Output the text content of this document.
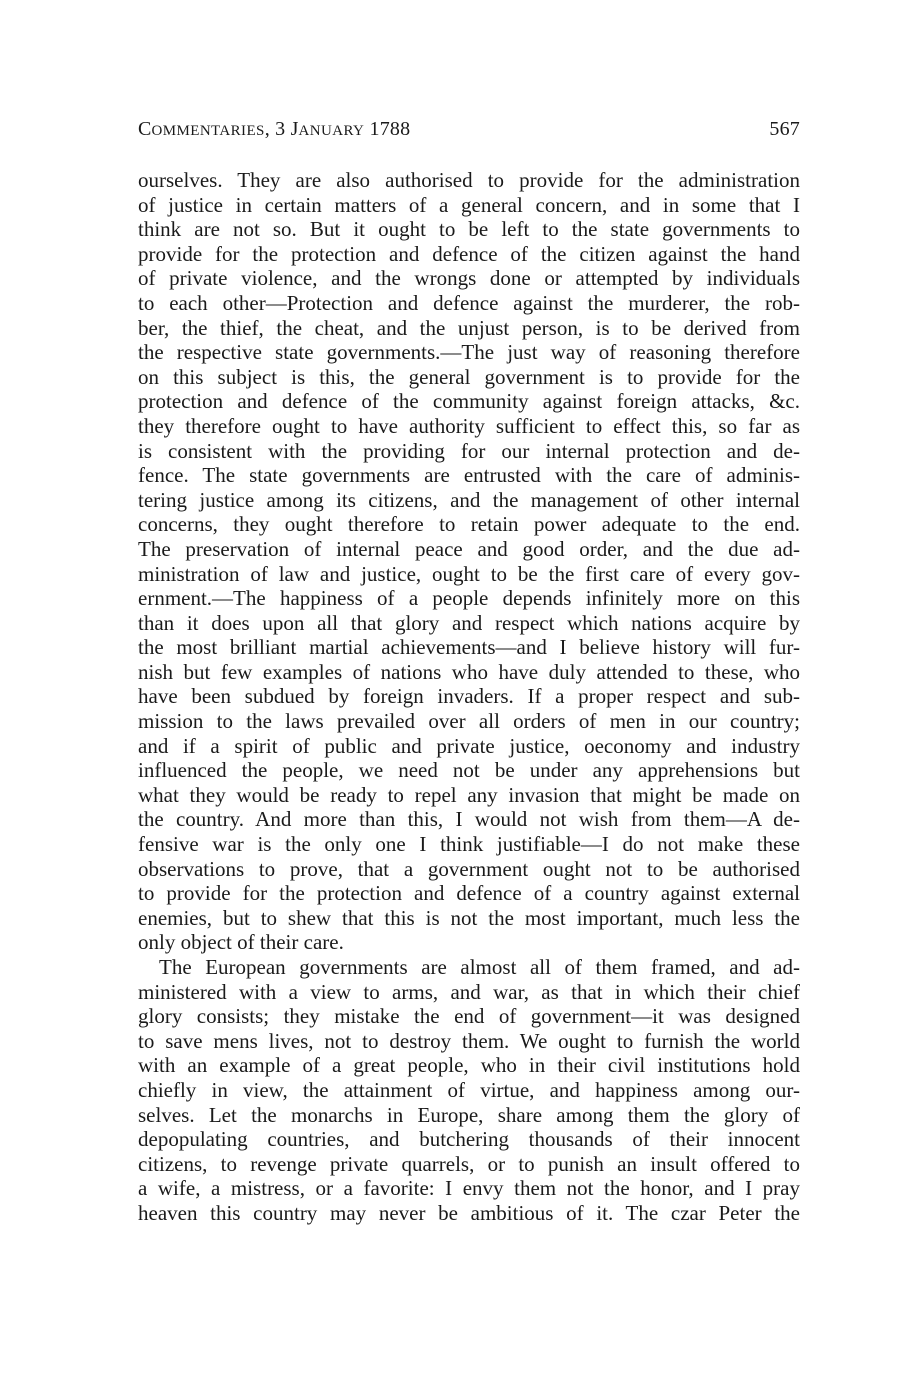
COMMENTARIES, 3 JANUARY 1788	567
ourselves. They are also authorised to provide for the administration
of justice in certain matters of a general concern, and in some that I
think are not so. But it ought to be left to the state governments to
provide for the protection and defence of the citizen against the hand
of private violence, and the wrongs done or attempted by individuals
to each other—Protection and defence against the murderer, the rob-
ber, the thief, the cheat, and the unjust person, is to be derived from
the respective state governments.—The just way of reasoning therefore
on this subject is this, the general government is to provide for the
protection and defence of the community against foreign attacks, &c.
they therefore ought to have authority sufficient to effect this, so far as
is consistent with the providing for our internal protection and de-
fence. The state governments are entrusted with the care of adminis-
tering justice among its citizens, and the management of other internal
concerns, they ought therefore to retain power adequate to the end.
The preservation of internal peace and good order, and the due ad-
ministration of law and justice, ought to be the first care of every gov-
ernment.—The happiness of a people depends infinitely more on this
than it does upon all that glory and respect which nations acquire by
the most brilliant martial achievements—and I believe history will fur-
nish but few examples of nations who have duly attended to these, who
have been subdued by foreign invaders. If a proper respect and sub-
mission to the laws prevailed over all orders of men in our country;
and if a spirit of public and private justice, oeconomy and industry
influenced the people, we need not be under any apprehensions but
what they would be ready to repel any invasion that might be made on
the country. And more than this, I would not wish from them—A de-
fensive war is the only one I think justifiable—I do not make these
observations to prove, that a government ought not to be authorised
to provide for the protection and defence of a country against external
enemies, but to shew that this is not the most important, much less the
only object of their care.
The European governments are almost all of them framed, and ad-
ministered with a view to arms, and war, as that in which their chief
glory consists; they mistake the end of government—it was designed
to save mens lives, not to destroy them. We ought to furnish the world
with an example of a great people, who in their civil institutions hold
chiefly in view, the attainment of virtue, and happiness among our-
selves. Let the monarchs in Europe, share among them the glory of
depopulating countries, and butchering thousands of their innocent
citizens, to revenge private quarrels, or to punish an insult offered to
a wife, a mistress, or a favorite: I envy them not the honor, and I pray
heaven this country may never be ambitious of it. The czar Peter the
